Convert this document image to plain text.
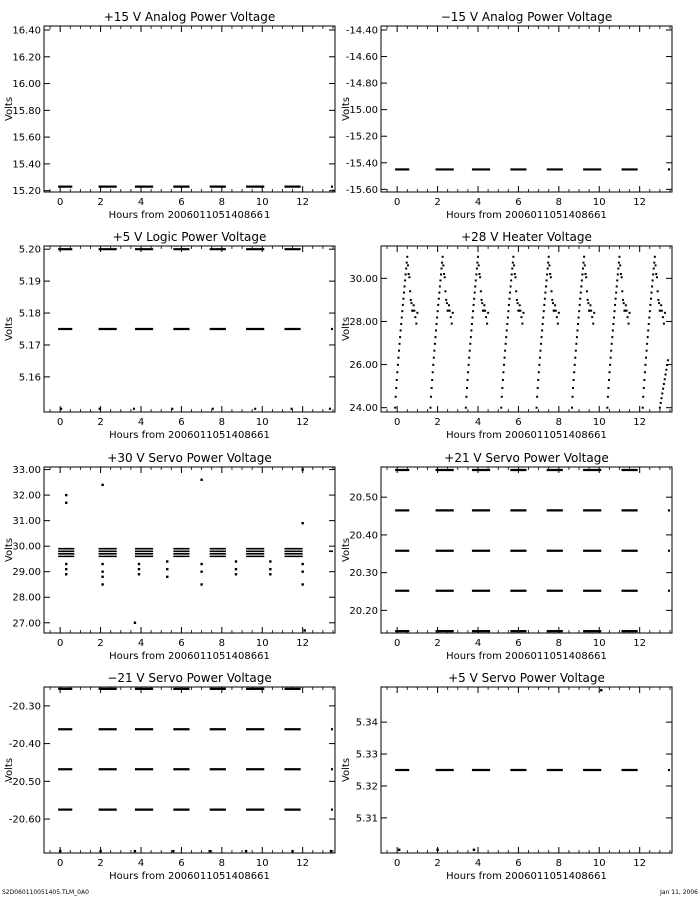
+15 V Analog Power Voltage
0	2	4	6	8	10	12
15.20
15.40
15.60
15.80
16.00
16.20
16.40
Hours from 200601105140866 1
Volts
−15 V Analog Power Voltage
0	2	4	6	8	10	12
-15.60
-15.40
-15.20
-15.00
-14.80
-14.60
-14.40
Hours from 2006011051408661
Volts
+5 V Logic Power Voltage
0	2	4	6	8	10	12
5.16
5.17
5.18
5.19
5.20
Hours from 2006011051408661
Volts
+28 V Heater Voltage
0	2	4	6	8	10	12
24.00
26.00
28.00
30.00
Hours from 2006011051408661
Volts
+30 V Servo Power Voltage
0	2	4	6	8	10	12
27.00
28.00
29.00
30.00
31.00
32.00
33.00
Hours from 2006011051408661
Volts
+21 V Servo Power Voltage
0	2	4	6	8	10	12
20.20
20.30
20.40
20.50
Hours from 2006011051408661
Volts
−21 V Servo Power Voltage
0	2	4	6	8	10	12
-20.60
-20.50
-20.40
-20.30
Hours from 2006011051408661
Volts
+5 V Servo Power Voltage
0	2	4	6	8	10	12
5.31
5.32
5.33
5.34
Hours from 2006011051408661
Volts
S2D060110051405.TLM_0A0	Jan 11, 2006
